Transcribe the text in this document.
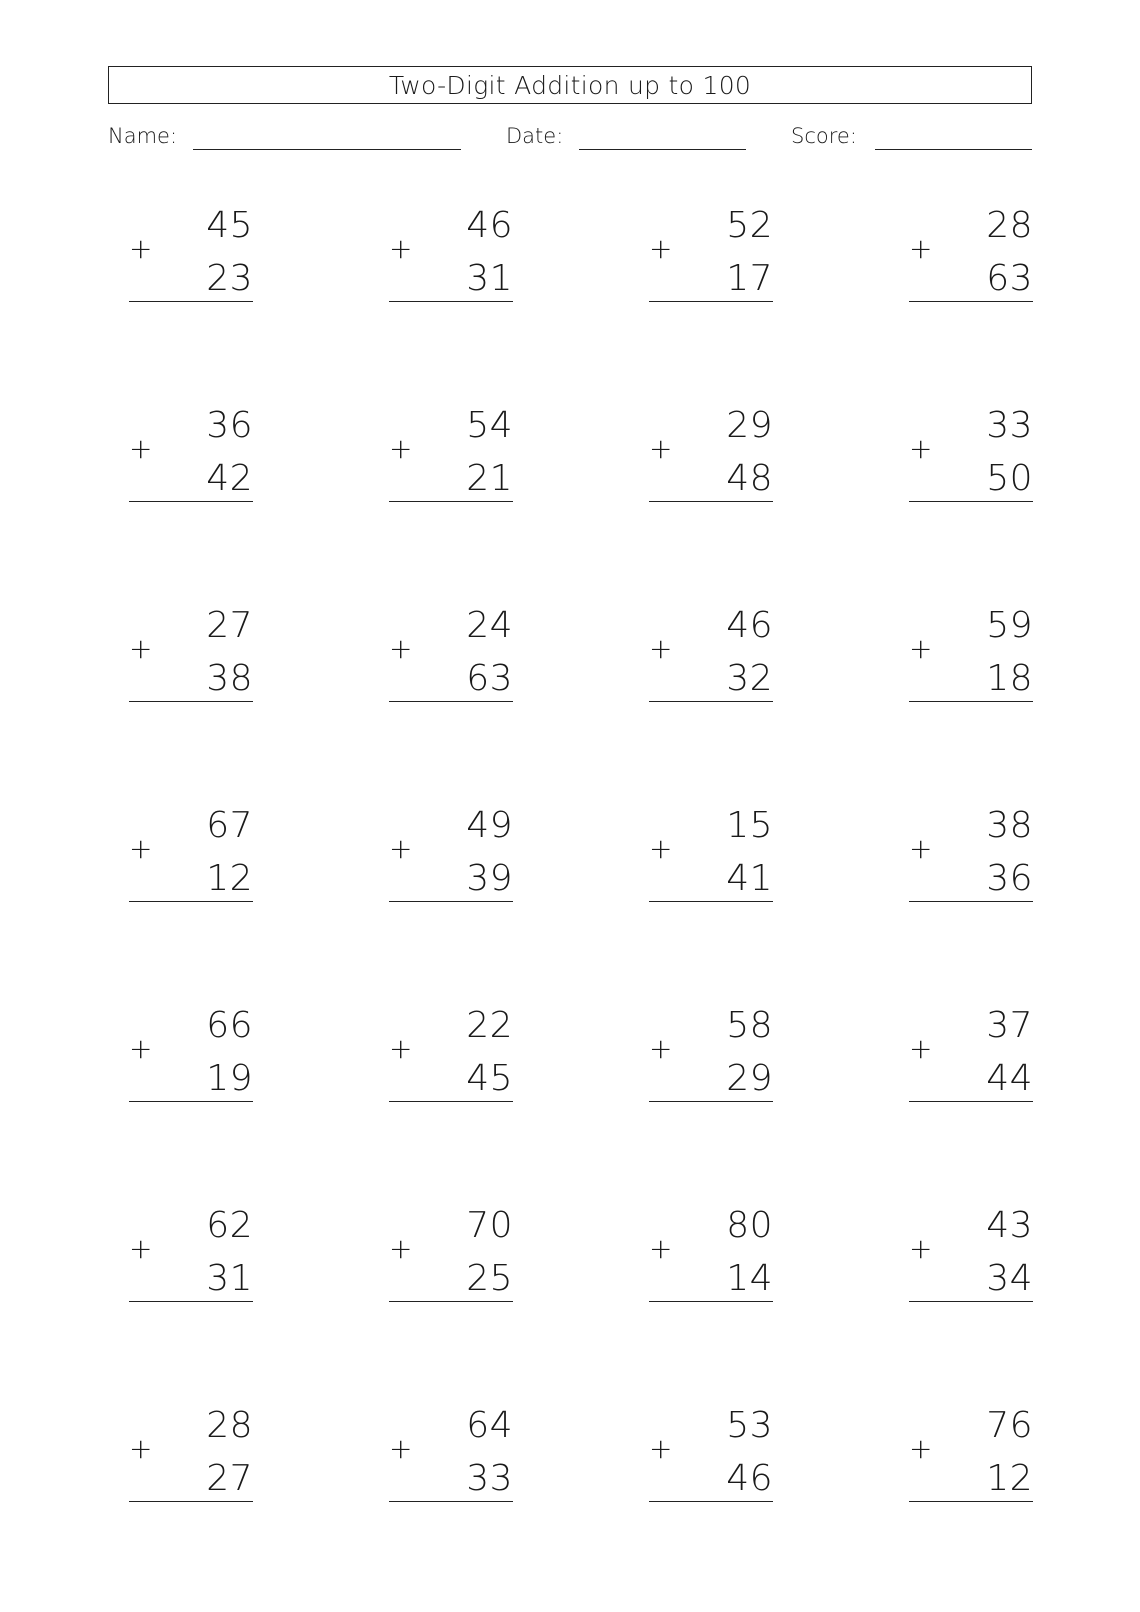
Two-Digit Addition up to 100
Name:	Date:	Score:
+
45
23
+
46
31
+
52
17
+
28
63
+
36
42
+
54
21
+
29
48
+
33
50
+
27
38
+
24
63
+
46
32
+
59
18
+
67
12
+
49
39
+
15
41
+
38
36
+
66
19
+
22
45
+
58
29
+
37
44
+
62
31
+
70
25
+
80
14
+
43
34
+
28
27
+
64
33
+
53
46
+
76
12
